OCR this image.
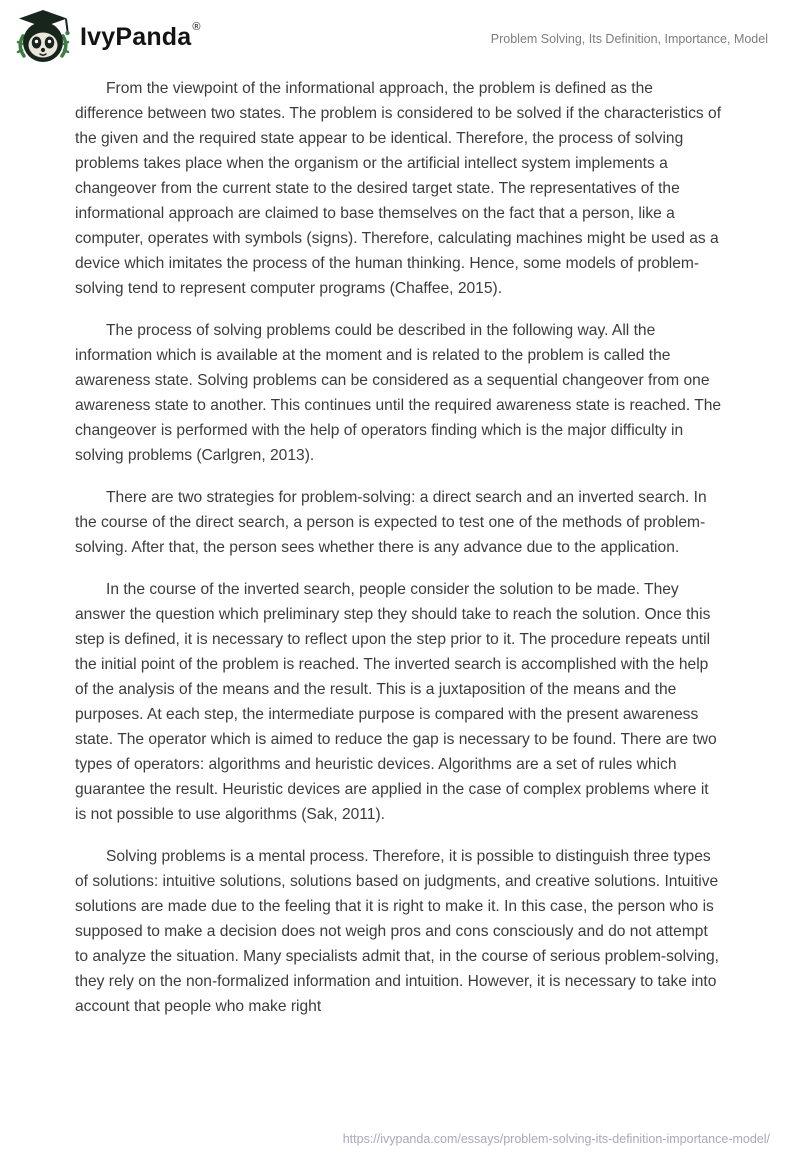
IvyPanda®
Problem Solving, Its Definition, Importance, Model

From the viewpoint of the informational approach, the problem is defined as the difference between two states. The problem is considered to be solved if the characteristics of the given and the required state appear to be identical. Therefore, the process of solving problems takes place when the organism or the artificial intellect system implements a changeover from the current state to the desired target state. The representatives of the informational approach are claimed to base themselves on the fact that a person, like a computer, operates with symbols (signs). Therefore, calculating machines might be used as a device which imitates the process of the human thinking. Hence, some models of problem-solving tend to represent computer programs (Chaffee, 2015).

The process of solving problems could be described in the following way. All the information which is available at the moment and is related to the problem is called the awareness state. Solving problems can be considered as a sequential changeover from one awareness state to another. This continues until the required awareness state is reached. The changeover is performed with the help of operators finding which is the major difficulty in solving problems (Carlgren, 2013).

There are two strategies for problem-solving: a direct search and an inverted search. In the course of the direct search, a person is expected to test one of the methods of problem-solving. After that, the person sees whether there is any advance due to the application.

In the course of the inverted search, people consider the solution to be made. They answer the question which preliminary step they should take to reach the solution. Once this step is defined, it is necessary to reflect upon the step prior to it. The procedure repeats until the initial point of the problem is reached. The inverted search is accomplished with the help of the analysis of the means and the result. This is a juxtaposition of the means and the purposes. At each step, the intermediate purpose is compared with the present awareness state. The operator which is aimed to reduce the gap is necessary to be found. There are two types of operators: algorithms and heuristic devices. Algorithms are a set of rules which guarantee the result. Heuristic devices are applied in the case of complex problems where it is not possible to use algorithms (Sak, 2011).

Solving problems is a mental process. Therefore, it is possible to distinguish three types of solutions: intuitive solutions, solutions based on judgments, and creative solutions. Intuitive solutions are made due to the feeling that it is right to make it. In this case, the person who is supposed to make a decision does not weigh pros and cons consciously and do not attempt to analyze the situation. Many specialists admit that, in the course of serious problem-solving, they rely on the non-formalized information and intuition. However, it is necessary to take into account that people who make right

https://ivypanda.com/essays/problem-solving-its-definition-importance-model/
